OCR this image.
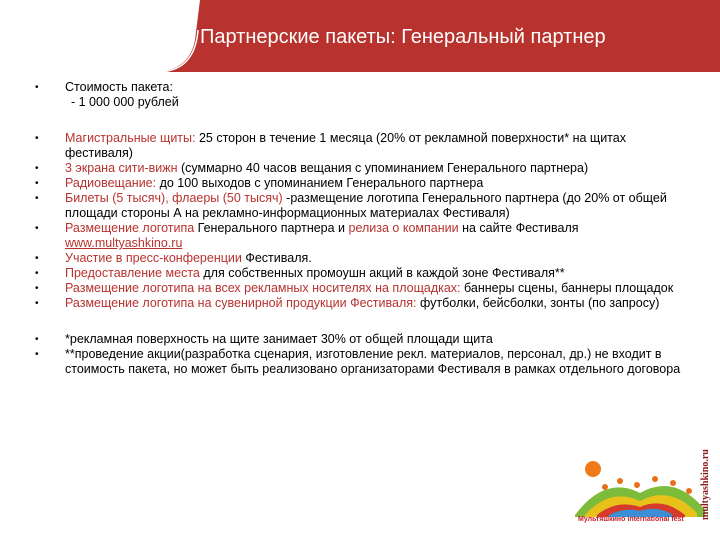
Партнерские пакеты: Генеральный партнер
• Стоимость пакета:
- 1 000 000 рублей
• Магистральные щиты: 25 сторон в течение 1 месяца (20% от рекламной поверхности* на щитах фестиваля)
• 3 экрана сити-вижн (суммарно 40 часов вещания с упоминанием Генерального партнера)
• Радиовещание: до 100 выходов с упоминанием Генерального партнера
• Билеты (5 тысяч), флаеры (50 тысяч) -размещение логотипа Генерального партнера (до 20% от общей площади стороны А на рекламно-информационных материалах Фестиваля)
• Размещение логотипа Генерального партнера и релиза о компании на сайте Фестиваля www.multyashkino.ru
• Участие в пресс-конференции Фестиваля.
• Предоставление места для собственных промоушн акций в каждой зоне Фестиваля**
• Размещение логотипа на всех рекламных носителях на площадках: баннеры сцены, баннеры площадок
• Размещение логотипа на сувенирной продукции Фестиваля: футболки, бейсболки, зонты (по запросу)
• *рекламная поверхность на щите занимает 30% от общей площади щита
• **проведение акции(разработка сценария, изготовление рекл. материалов, персонал, др.) не входит в стоимость пакета, но может быть реализовано организаторами Фестиваля в рамках отдельного договора
Мультяшкино international fest multyashkino.ru
